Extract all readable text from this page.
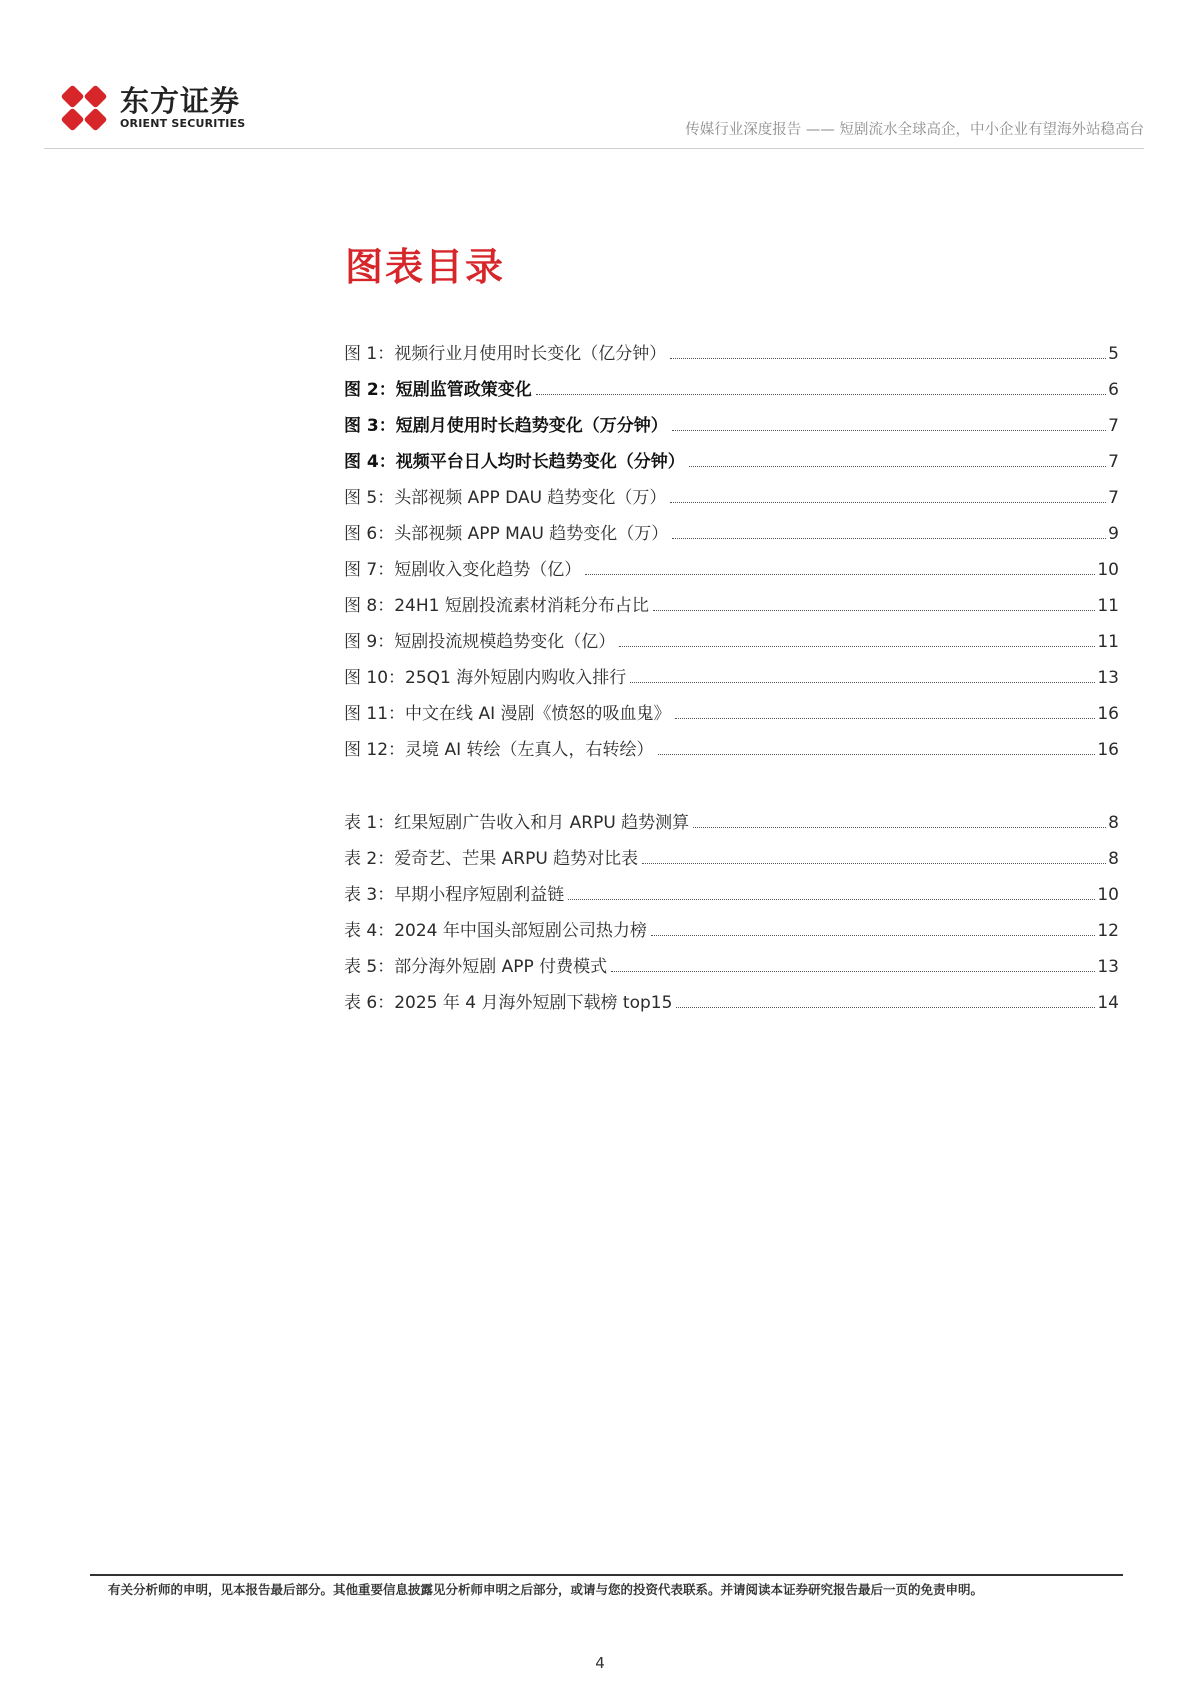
东方证券
ORIENT SECURITIES	传媒行业深度报告 —— 短剧流水全球高企，中小企业有望海外站稳高台
图表目录
图 1：视频行业月使用时长变化（亿分钟）	5
图 2：短剧监管政策变化	6
图 3：短剧月使用时长趋势变化（万分钟）	7
图 4：视频平台日人均时长趋势变化（分钟）	7
图 5：头部视频 APP DAU 趋势变化（万）	7
图 6：头部视频 APP MAU 趋势变化（万）	9
图 7：短剧收入变化趋势（亿）	10
图 8：24H1 短剧投流素材消耗分布占比	11
图 9：短剧投流规模趋势变化（亿）	11
图 10：25Q1 海外短剧内购收入排行	13
图 11：中文在线 AI 漫剧《愤怒的吸血鬼》	16
图 12：灵境 AI 转绘（左真人，右转绘）	16
表 1：红果短剧广告收入和月 ARPU 趋势测算	8
表 2：爱奇艺、芒果 ARPU 趋势对比表	8
表 3：早期小程序短剧利益链	10
表 4：2024 年中国头部短剧公司热力榜	12
表 5：部分海外短剧 APP 付费模式	13
表 6：2025 年 4 月海外短剧下载榜 top15	14
有关分析师的申明，见本报告最后部分。其他重要信息披露见分析师申明之后部分，或请与您的投资代表联系。并请阅读本证券研究报告最后一页的免责申明。
4
